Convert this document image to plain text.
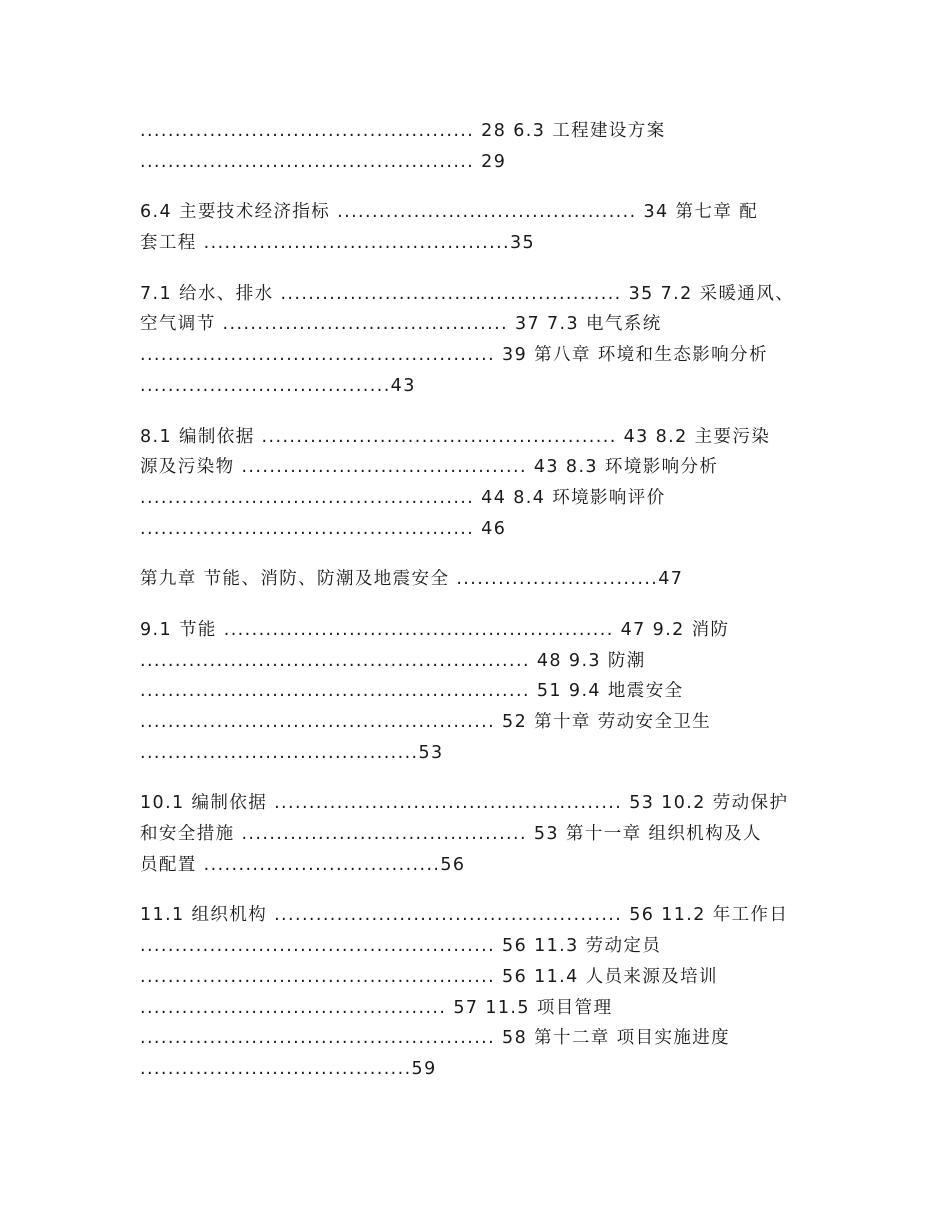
................................................ 28 6.3 工程建设方案
................................................ 29
6.4 主要技术经济指标 ........................................... 34 第七章 配
套工程 ............................................35
7.1 给水、排水 ................................................. 35 7.2 采暖通风、
空气调节 ......................................... 37 7.3 电气系统
................................................... 39 第八章 环境和生态影响分析
....................................43
8.1 编制依据 ................................................... 43 8.2 主要污染
源及污染物 ......................................... 43 8.3 环境影响分析
................................................ 44 8.4 环境影响评价
................................................ 46
第九章 节能、消防、防潮及地震安全 .............................47
9.1 节能 ........................................................ 47 9.2 消防
........................................................ 48 9.3 防潮
........................................................ 51 9.4 地震安全
................................................... 52 第十章 劳动安全卫生
........................................53
10.1 编制依据 .................................................. 53 10.2 劳动保护
和安全措施 ......................................... 53 第十一章 组织机构及人
员配置 ..................................56
11.1 组织机构 .................................................. 56 11.2 年工作日
................................................... 56 11.3 劳动定员
................................................... 56 11.4 人员来源及培训
............................................ 57 11.5 项目管理
................................................... 58 第十二章 项目实施进度
.......................................59
